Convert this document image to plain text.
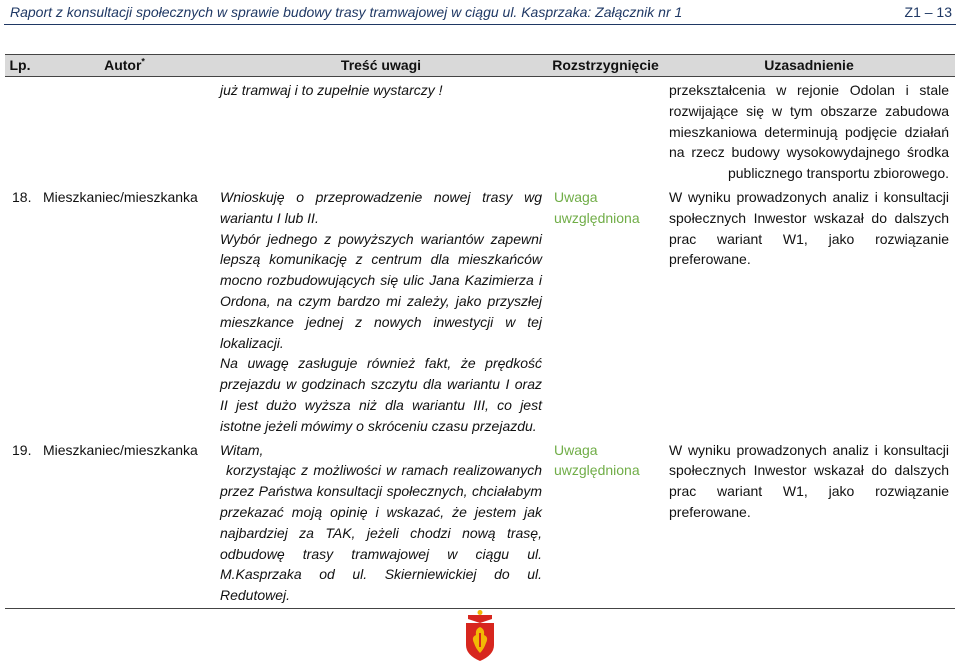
Raport z konsultacji społecznych w sprawie budowy trasy tramwajowej w ciągu ul. Kasprzaka: Załącznik nr 1	Z1 – 13
Lp.	Autor*	Treść uwagi	Rozstrzygnięcie	Uzasadnienie
		już tramwaj i to zupełnie wystarczy !		przekształcenia w rejonie Odolan i stale rozwijające się w tym obszarze zabudowa mieszkaniowa determinują podjęcie działań na rzecz budowy wysokowydajnego środka
publicznego transportu zbiorowego.

18.	Mieszkaniec/mieszkanka	Wnioskuję o przeprowadzenie nowej trasy wg wariantu I lub II.

Wybór jednego z powyższych wariantów zapewni lepszą komunikację z centrum dla mieszkańców mocno rozbudowujących się ulic Jana Kazimierza i Ordona, na czym bardzo mi zależy, jako przyszłej mieszkance jednej z nowych inwestycji w tej lokalizacji.

Na uwagę zasługuje również fakt, że prędkość przejazdu w godzinach szczytu dla wariantu I oraz II jest dużo wyższa niż dla wariantu III, co jest istotne jeżeli mówimy o skróceniu czasu przejazdu.	Uwaga uwzględniona	W wyniku prowadzonych analiz i konsultacji społecznych Inwestor wskazał do dalszych prac wariant W1, jako rozwiązanie preferowane.
19.	Mieszkaniec/mieszkanka	Witam,

korzystając z możliwości w ramach realizowanych przez Państwa konsultacji społecznych, chciałabym przekazać moją opinię i wskazać, że jestem jak najbardziej za TAK, jeżeli chodzi nową trasę, odbudowę trasy tramwajowej w ciągu ul. M.Kasprzaka od ul. Skierniewickiej do ul. Redutowej.	Uwaga uwzględniona	W wyniku prowadzonych analiz i konsultacji społecznych Inwestor wskazał do dalszych prac wariant W1, jako rozwiązanie preferowane.
